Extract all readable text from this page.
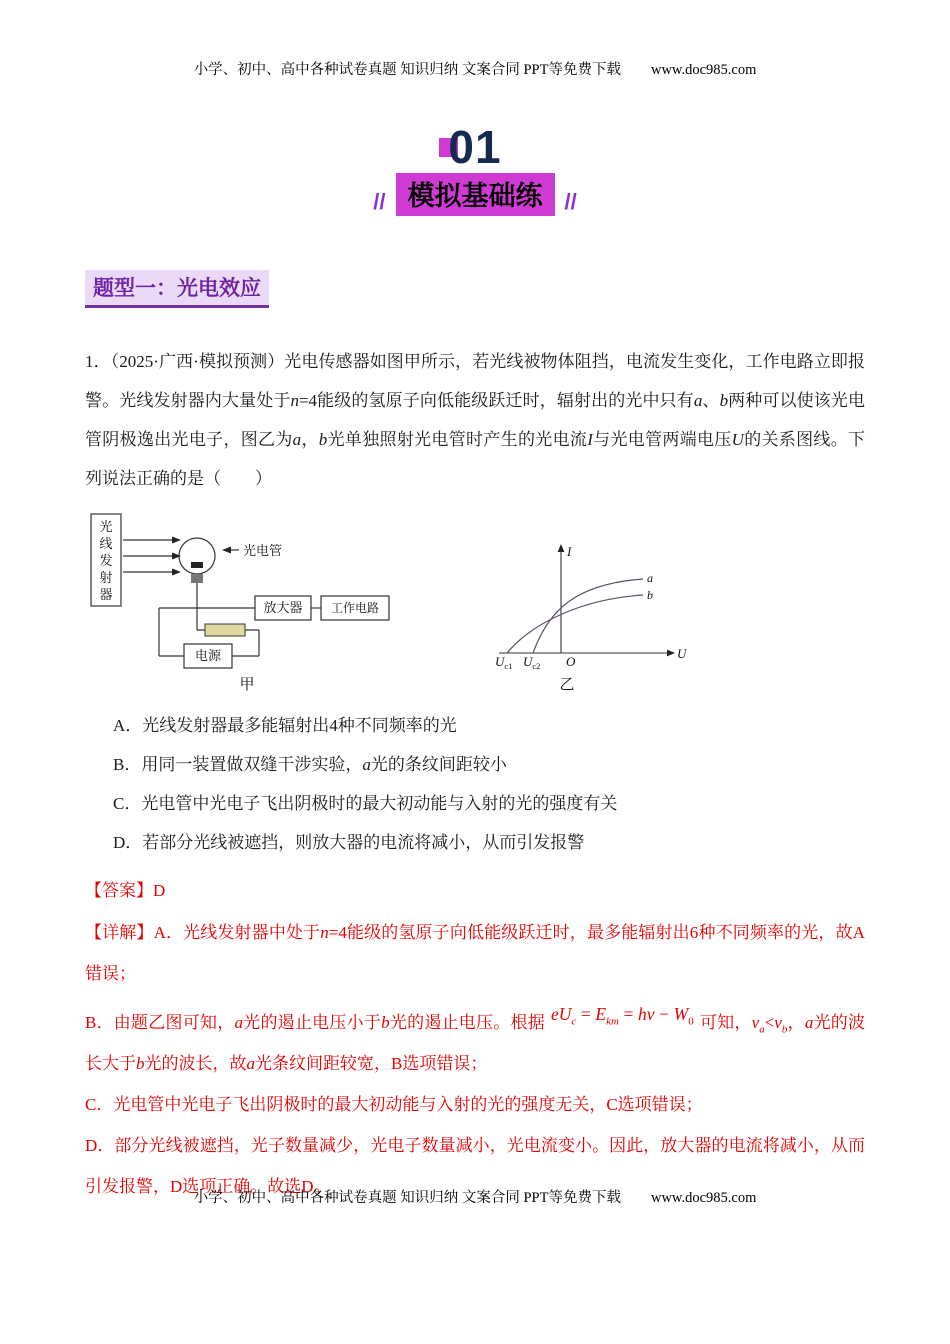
小学、初中、高中各种试卷真题 知识归纳 文案合同 PPT等免费下载 www.doc985.com
01
// 模拟基础练 //
题型一：光电效应

1．（2025·广西·模拟预测）光电传感器如图甲所示，若光线被物体阻挡，电流发生变化，工作电路立即报警。光线发射器内大量处于n=4能级的氢原子向低能级跃迁时，辐射出的光中只有a、b两种可以使该光电管阴极逸出光电子，图乙为a，b光单独照射光电管时产生的光电流I与光电管两端电压U的关系图线。下列说法正确的是（　　）

光
线
发
射
器
光电管
放大器 工作电路
电源
甲
I
U
O
$U_{c1}$ $U_{c2}$
a
b
乙
A．光线发射器最多能辐射出4种不同频率的光
B．用同一装置做双缝干涉实验，a光的条纹间距较小
C．光电管中光电子飞出阴极时的最大初动能与入射的光的强度有关
D．若部分光线被遮挡，则放大器的电流将减小，从而引发报警

【答案】D

【详解】A．光线发射器中处于n=4能级的氢原子向低能级跃迁时，最多能辐射出6种不同频率的光，故A错误；

B．由题乙图可知，a光的遏止电压小于b光的遏止电压。根据 $eU_c = E_{km} = h\nu - W_0$ 可知，$\nu_a<\nu_b$，a光的波长大于b光的波长，故a光条纹间距较宽，B选项错误；

C．光电管中光电子飞出阴极时的最大初动能与入射的光的强度无关，C选项错误；

D．部分光线被遮挡，光子数量减少，光电子数量减小，光电流变小。因此，放大器的电流将减小，从而引发报警，D选项正确。故选D。

小学、初中、高中各种试卷真题 知识归纳 文案合同 PPT等免费下载 www.doc985.com
